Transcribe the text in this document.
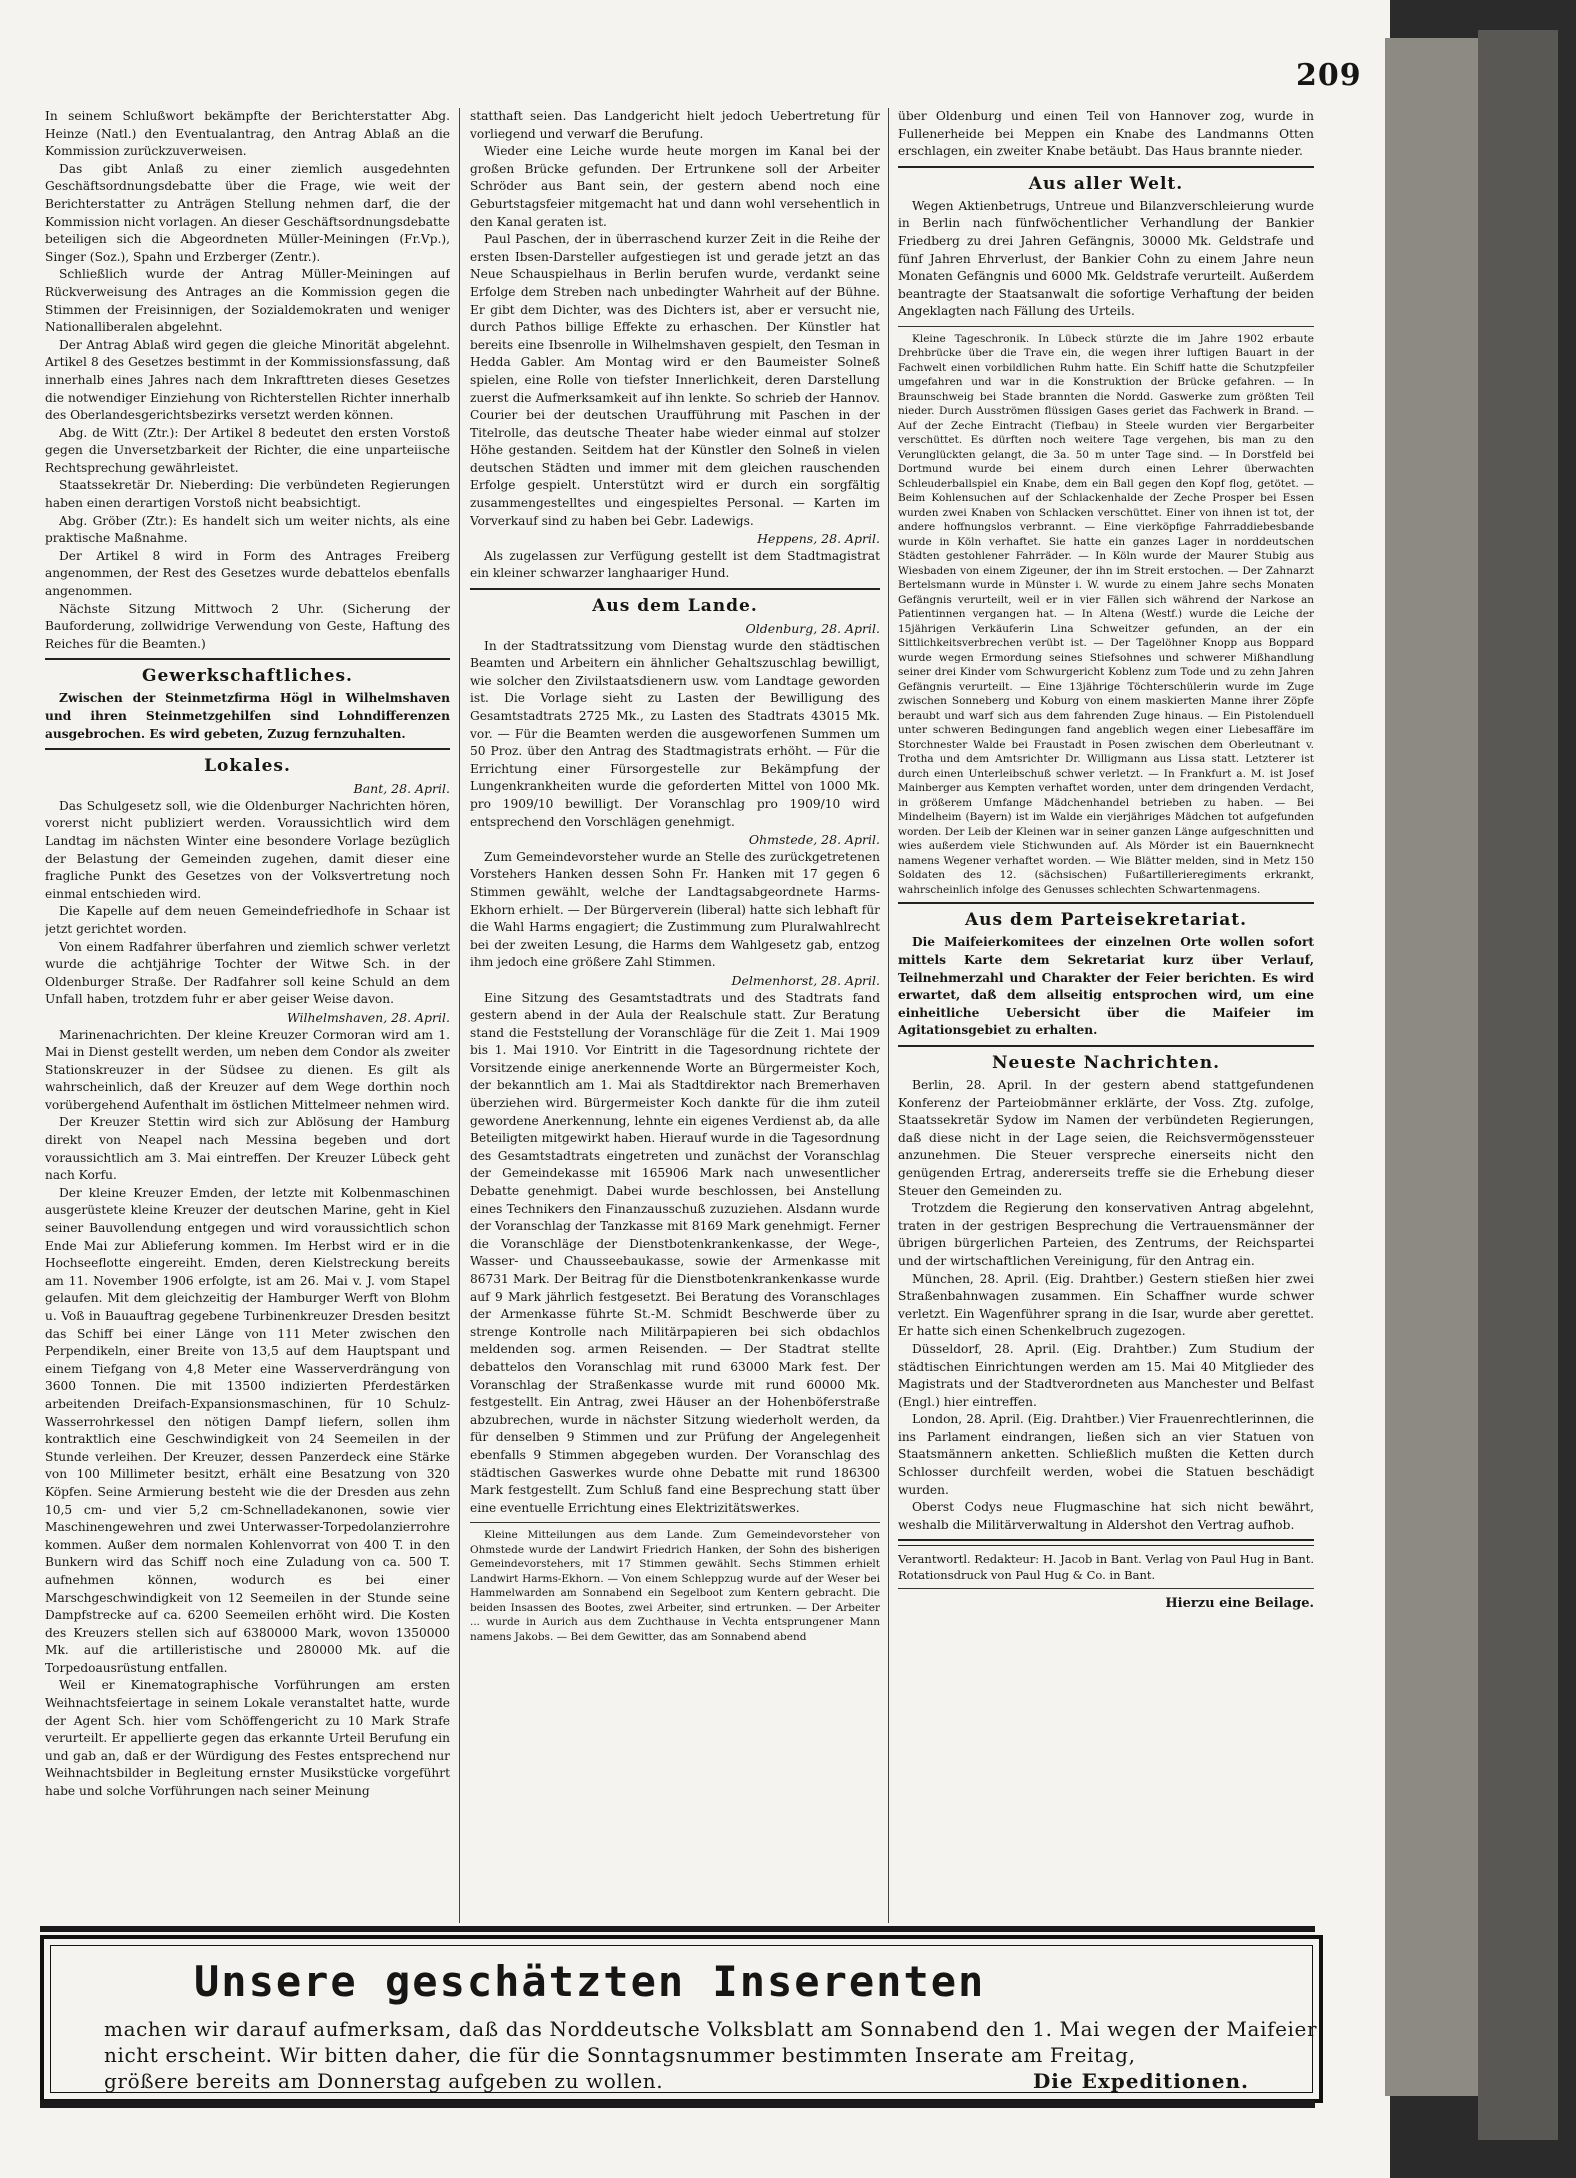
209

In seinem Schlußwort bekämpfte der Berichterstatter Abg. Heinze (Natl.) den Eventualantrag, den Antrag Ablaß an die Kommission zurückzuverweisen.

Das gibt Anlaß zu einer ziemlich ausgedehnten Geschäftsordnungsdebatte über die Frage, wie weit der Berichterstatter zu Anträgen Stellung nehmen darf, die der Kommission nicht vorlagen. An dieser Geschäftsordnungsdebatte beteiligen sich die Abgeordneten Müller-Meiningen (Fr.Vp.), Singer (Soz.), Spahn und Erzberger (Zentr.).

Schließlich wurde der Antrag Müller-Meiningen auf Rückverweisung des Antrages an die Kommission gegen die Stimmen der Freisinnigen, der Sozialdemokraten und weniger Nationalliberalen abgelehnt.

Der Antrag Ablaß wird gegen die gleiche Minorität abgelehnt. Artikel 8 des Gesetzes bestimmt in der Kommissionsfassung, daß innerhalb eines Jahres nach dem Inkrafttreten dieses Gesetzes die notwendiger Einziehung von Richterstellen Richter innerhalb des Oberlandesgerichtsbezirks versetzt werden können.

Abg. de Witt (Ztr.): Der Artikel 8 bedeutet den ersten Vorstoß gegen die Unversetzbarkeit der Richter, die eine unparteiische Rechtsprechung gewährleistet.

Staatssekretär Dr. Nieberding: Die verbündeten Regierungen haben einen derartigen Vorstoß nicht beabsichtigt.

Abg. Gröber (Ztr.): Es handelt sich um weiter nichts, als eine praktische Maßnahme.

Der Artikel 8 wird in Form des Antrages Freiberg angenommen, der Rest des Gesetzes wurde debattelos ebenfalls angenommen.

Nächste Sitzung Mittwoch 2 Uhr. (Sicherung der Bauforderung, zollwidrige Verwendung von Geste, Haftung des Reiches für die Beamten.)

Gewerkschaftliches.

Zwischen der Steinmetzfirma Högl in Wilhelmshaven und ihren Steinmetzgehilfen sind Lohndifferenzen ausgebrochen. Es wird gebeten, Zuzug fernzuhalten.

Lokales.
Bant, 28. April.

Das Schulgesetz soll, wie die Oldenburger Nachrichten hören, vorerst nicht publiziert werden. Voraussichtlich wird dem Landtag im nächsten Winter eine besondere Vorlage bezüglich der Belastung der Gemeinden zugehen, damit dieser eine fragliche Punkt des Gesetzes von der Volksvertretung noch einmal entschieden wird.

Die Kapelle auf dem neuen Gemeindefriedhofe in Schaar ist jetzt gerichtet worden.

Von einem Radfahrer überfahren und ziemlich schwer verletzt wurde die achtjährige Tochter der Witwe Sch. in der Oldenburger Straße. Der Radfahrer soll keine Schuld an dem Unfall haben, trotzdem fuhr er aber geiser Weise davon.

Wilhelmshaven, 28. April.

Marinenachrichten. Der kleine Kreuzer Cormoran wird am 1. Mai in Dienst gestellt werden, um neben dem Condor als zweiter Stationskreuzer in der Südsee zu dienen. Es gilt als wahrscheinlich, daß der Kreuzer auf dem Wege dorthin noch vorübergehend Aufenthalt im östlichen Mittelmeer nehmen wird.

Der Kreuzer Stettin wird sich zur Ablösung der Hamburg direkt von Neapel nach Messina begeben und dort voraussichtlich am 3. Mai eintreffen. Der Kreuzer Lübeck geht nach Korfu.

Der kleine Kreuzer Emden, der letzte mit Kolbenmaschinen ausgerüstete kleine Kreuzer der deutschen Marine, geht in Kiel seiner Bauvollendung entgegen und wird voraussichtlich schon Ende Mai zur Ablieferung kommen. Im Herbst wird er in die Hochseeflotte eingereiht. Emden, deren Kielstreckung bereits am 11. November 1906 erfolgte, ist am 26. Mai v. J. vom Stapel gelaufen. Mit dem gleichzeitig der Hamburger Werft von Blohm u. Voß in Bauauftrag gegebene Turbinenkreuzer Dresden besitzt das Schiff bei einer Länge von 111 Meter zwischen den Perpendikeln, einer Breite von 13,5 auf dem Hauptspant und einem Tiefgang von 4,8 Meter eine Wasserverdrängung von 3600 Tonnen. Die mit 13500 indizierten Pferdestärken arbeitenden Dreifach-Expansionsmaschinen, für 10 Schulz-Wasserrohrkessel den nötigen Dampf liefern, sollen ihm kontraktlich eine Geschwindigkeit von 24 Seemeilen in der Stunde verleihen. Der Kreuzer, dessen Panzerdeck eine Stärke von 100 Millimeter besitzt, erhält eine Besatzung von 320 Köpfen. Seine Armierung besteht wie die der Dresden aus zehn 10,5 cm- und vier 5,2 cm-Schnelladekanonen, sowie vier Maschinengewehren und zwei Unterwasser-Torpedolanzierrohre kommen. Außer dem normalen Kohlenvorrat von 400 T. in den Bunkern wird das Schiff noch eine Zuladung von ca. 500 T. aufnehmen können, wodurch es bei einer Marschgeschwindigkeit von 12 Seemeilen in der Stunde seine Dampfstrecke auf ca. 6200 Seemeilen erhöht wird. Die Kosten des Kreuzers stellen sich auf 6380000 Mark, wovon 1350000 Mk. auf die artilleristische und 280000 Mk. auf die Torpedoausrüstung entfallen.

Weil er Kinematographische Vorführungen am ersten Weihnachtsfeiertage in seinem Lokale veranstaltet hatte, wurde der Agent Sch. hier vom Schöffengericht zu 10 Mark Strafe verurteilt. Er appellierte gegen das erkannte Urteil Berufung ein und gab an, daß er der Würdigung des Festes entsprechend nur Weihnachtsbilder in Begleitung ernster Musikstücke vorgeführt habe und solche Vorführungen nach seiner Meinung

statthaft seien. Das Landgericht hielt jedoch Uebertretung für vorliegend und verwarf die Berufung.

Wieder eine Leiche wurde heute morgen im Kanal bei der großen Brücke gefunden. Der Ertrunkene soll der Arbeiter Schröder aus Bant sein, der gestern abend noch eine Geburtstagsfeier mitgemacht hat und dann wohl versehentlich in den Kanal geraten ist.

Paul Paschen, der in überraschend kurzer Zeit in die Reihe der ersten Ibsen-Darsteller aufgestiegen ist und gerade jetzt an das Neue Schauspielhaus in Berlin berufen wurde, verdankt seine Erfolge dem Streben nach unbedingter Wahrheit auf der Bühne. Er gibt dem Dichter, was des Dichters ist, aber er versucht nie, durch Pathos billige Effekte zu erhaschen. Der Künstler hat bereits eine Ibsenrolle in Wilhelmshaven gespielt, den Tesman in Hedda Gabler. Am Montag wird er den Baumeister Solneß spielen, eine Rolle von tiefster Innerlichkeit, deren Darstellung zuerst die Aufmerksamkeit auf ihn lenkte. So schrieb der Hannov. Courier bei der deutschen Uraufführung mit Paschen in der Titelrolle, das deutsche Theater habe wieder einmal auf stolzer Höhe gestanden. Seitdem hat der Künstler den Solneß in vielen deutschen Städten und immer mit dem gleichen rauschenden Erfolge gespielt. Unterstützt wird er durch ein sorgfältig zusammengestelltes und eingespieltes Personal. — Karten im Vorverkauf sind zu haben bei Gebr. Ladewigs.

Heppens, 28. April.

Als zugelassen zur Verfügung gestellt ist dem Stadtmagistrat ein kleiner schwarzer langhaariger Hund.

Aus dem Lande.
Oldenburg, 28. April.

In der Stadtratssitzung vom Dienstag wurde den städtischen Beamten und Arbeitern ein ähnlicher Gehaltszuschlag bewilligt, wie solcher den Zivilstaatsdienern usw. vom Landtage geworden ist. Die Vorlage sieht zu Lasten der Bewilligung des Gesamtstadtrats 2725 Mk., zu Lasten des Stadtrats 43015 Mk. vor. — Für die Beamten werden die ausgeworfenen Summen um 50 Proz. über den Antrag des Stadtmagistrats erhöht. — Für die Errichtung einer Fürsorgestelle zur Bekämpfung der Lungenkrankheiten wurde die geforderten Mittel von 1000 Mk. pro 1909/10 bewilligt. Der Voranschlag pro 1909/10 wird entsprechend den Vorschlägen genehmigt.

Ohmstede, 28. April.

Zum Gemeindevorsteher wurde an Stelle des zurückgetretenen Vorstehers Hanken dessen Sohn Fr. Hanken mit 17 gegen 6 Stimmen gewählt, welche der Landtagsabgeordnete Harms-Ekhorn erhielt. — Der Bürgerverein (liberal) hatte sich lebhaft für die Wahl Harms engagiert; die Zustimmung zum Pluralwahlrecht bei der zweiten Lesung, die Harms dem Wahlgesetz gab, entzog ihm jedoch eine größere Zahl Stimmen.

Delmenhorst, 28. April.

Eine Sitzung des Gesamtstadtrats und des Stadtrats fand gestern abend in der Aula der Realschule statt. Zur Beratung stand die Feststellung der Voranschläge für die Zeit 1. Mai 1909 bis 1. Mai 1910. Vor Eintritt in die Tagesordnung richtete der Vorsitzende einige anerkennende Worte an Bürgermeister Koch, der bekanntlich am 1. Mai als Stadtdirektor nach Bremerhaven überziehen wird. Bürgermeister Koch dankte für die ihm zuteil gewordene Anerkennung, lehnte ein eigenes Verdienst ab, da alle Beteiligten mitgewirkt haben. Hierauf wurde in die Tagesordnung des Gesamtstadtrats eingetreten und zunächst der Voranschlag der Gemeindekasse mit 165906 Mark nach unwesentlicher Debatte genehmigt. Dabei wurde beschlossen, bei Anstellung eines Technikers den Finanzausschuß zuzuziehen. Alsdann wurde der Voranschlag der Tanzkasse mit 8169 Mark genehmigt. Ferner die Voranschläge der Dienstbotenkrankenkasse, der Wege-, Wasser- und Chausseebaukasse, sowie der Armenkasse mit 86731 Mark. Der Beitrag für die Dienstbotenkrankenkasse wurde auf 9 Mark jährlich festgesetzt. Bei Beratung des Voranschlages der Armenkasse führte St.-M. Schmidt Beschwerde über zu strenge Kontrolle nach Militärpapieren bei sich obdachlos meldenden sog. armen Reisenden. — Der Stadtrat stellte debattelos den Voranschlag mit rund 63000 Mark fest. Der Voranschlag der Straßenkasse wurde mit rund 60000 Mk. festgestellt. Ein Antrag, zwei Häuser an der Hohenböferstraße abzubrechen, wurde in nächster Sitzung wiederholt werden, da für denselben 9 Stimmen und zur Prüfung der Angelegenheit ebenfalls 9 Stimmen abgegeben wurden. Der Voranschlag des städtischen Gaswerkes wurde ohne Debatte mit rund 186300 Mark festgestellt. Zum Schluß fand eine Besprechung statt über eine eventuelle Errichtung eines Elektrizitätswerkes.

Kleine Mitteilungen aus dem Lande. Zum Gemeindevorsteher von Ohmstede wurde der Landwirt Friedrich Hanken, der Sohn des bisherigen Gemeindevorstehers, mit 17 Stimmen gewählt. Sechs Stimmen erhielt Landwirt Harms-Ekhorn. — Von einem Schleppzug wurde auf der Weser bei Hammelwarden am Sonnabend ein Segelboot zum Kentern gebracht. Die beiden Insassen des Bootes, zwei Arbeiter, sind ertrunken. — Der Arbeiter ... wurde in Aurich aus dem Zuchthause in Vechta entsprungener Mann namens Jakobs. — Bei dem Gewitter, das am Sonnabend abend

über Oldenburg und einen Teil von Hannover zog, wurde in Fullenerheide bei Meppen ein Knabe des Landmanns Otten erschlagen, ein zweiter Knabe betäubt. Das Haus brannte nieder.

Aus aller Welt.

Wegen Aktienbetrugs, Untreue und Bilanzverschleierung wurde in Berlin nach fünfwöchentlicher Verhandlung der Bankier Friedberg zu drei Jahren Gefängnis, 30000 Mk. Geldstrafe und fünf Jahren Ehrverlust, der Bankier Cohn zu einem Jahre neun Monaten Gefängnis und 6000 Mk. Geldstrafe verurteilt. Außerdem beantragte der Staatsanwalt die sofortige Verhaftung der beiden Angeklagten nach Fällung des Urteils.

Kleine Tageschronik. In Lübeck stürzte die im Jahre 1902 erbaute Drehbrücke über die Trave ein, die wegen ihrer luftigen Bauart in der Fachwelt einen vorbildlichen Ruhm hatte. Ein Schiff hatte die Schutzpfeiler umgefahren und war in die Konstruktion der Brücke gefahren. — In Braunschweig bei Stade brannten die Nordd. Gaswerke zum größten Teil nieder. Durch Ausströmen flüssigen Gases geriet das Fachwerk in Brand. — Auf der Zeche Eintracht (Tiefbau) in Steele wurden vier Bergarbeiter verschüttet. Es dürften noch weitere Tage vergehen, bis man zu den Verunglückten gelangt, die 3a. 50 m unter Tage sind. — In Dorstfeld bei Dortmund wurde bei einem durch einen Lehrer überwachten Schleuderballspiel ein Knabe, dem ein Ball gegen den Kopf flog, getötet. — Beim Kohlensuchen auf der Schlackenhalde der Zeche Prosper bei Essen wurden zwei Knaben von Schlacken verschüttet. Einer von ihnen ist tot, der andere hoffnungslos verbrannt. — Eine vierköpfige Fahrraddiebesbande wurde in Köln verhaftet. Sie hatte ein ganzes Lager in norddeutschen Städten gestohlener Fahrräder. — In Köln wurde der Maurer Stubig aus Wiesbaden von einem Zigeuner, der ihn im Streit erstochen. — Der Zahnarzt Bertelsmann wurde in Münster i. W. wurde zu einem Jahre sechs Monaten Gefängnis verurteilt, weil er in vier Fällen sich während der Narkose an Patientinnen vergangen hat. — In Altena (Westf.) wurde die Leiche der 15jährigen Verkäuferin Lina Schweitzer gefunden, an der ein Sittlichkeitsverbrechen verübt ist. — Der Tagelöhner Knopp aus Boppard wurde wegen Ermordung seines Stiefsohnes und schwerer Mißhandlung seiner drei Kinder vom Schwurgericht Koblenz zum Tode und zu zehn Jahren Gefängnis verurteilt. — Eine 13jährige Töchterschülerin wurde im Zuge zwischen Sonneberg und Koburg von einem maskierten Manne ihrer Zöpfe beraubt und warf sich aus dem fahrenden Zuge hinaus. — Ein Pistolenduell unter schweren Bedingungen fand angeblich wegen einer Liebesaffäre im Storchnester Walde bei Fraustadt in Posen zwischen dem Oberleutnant v. Trotha und dem Amtsrichter Dr. Willigmann aus Lissa statt. Letzterer ist durch einen Unterleibschuß schwer verletzt. — In Frankfurt a. M. ist Josef Mainberger aus Kempten verhaftet worden, unter dem dringenden Verdacht, in größerem Umfange Mädchenhandel betrieben zu haben. — Bei Mindelheim (Bayern) ist im Walde ein vierjähriges Mädchen tot aufgefunden worden. Der Leib der Kleinen war in seiner ganzen Länge aufgeschnitten und wies außerdem viele Stichwunden auf. Als Mörder ist ein Bauernknecht namens Wegener verhaftet worden. — Wie Blätter melden, sind in Metz 150 Soldaten des 12. (sächsischen) Fußartillerieregiments erkrankt, wahrscheinlich infolge des Genusses schlechten Schwartenmagens.

Aus dem Parteisekretariat.

Die Maifeierkomitees der einzelnen Orte wollen sofort mittels Karte dem Sekretariat kurz über Verlauf, Teilnehmerzahl und Charakter der Feier berichten. Es wird erwartet, daß dem allseitig entsprochen wird, um eine einheitliche Uebersicht über die Maifeier im Agitationsgebiet zu erhalten.

Neueste Nachrichten.

Berlin, 28. April. In der gestern abend stattgefundenen Konferenz der Parteiobmänner erklärte, der Voss. Ztg. zufolge, Staatssekretär Sydow im Namen der verbündeten Regierungen, daß diese nicht in der Lage seien, die Reichsvermögenssteuer anzunehmen. Die Steuer verspreche einerseits nicht den genügenden Ertrag, andererseits treffe sie die Erhebung dieser Steuer den Gemeinden zu.

Trotzdem die Regierung den konservativen Antrag abgelehnt, traten in der gestrigen Besprechung die Vertrauensmänner der übrigen bürgerlichen Parteien, des Zentrums, der Reichspartei und der wirtschaftlichen Vereinigung, für den Antrag ein.

München, 28. April. (Eig. Drahtber.) Gestern stießen hier zwei Straßenbahnwagen zusammen. Ein Schaffner wurde schwer verletzt. Ein Wagenführer sprang in die Isar, wurde aber gerettet. Er hatte sich einen Schenkelbruch zugezogen.

Düsseldorf, 28. April. (Eig. Drahtber.) Zum Studium der städtischen Einrichtungen werden am 15. Mai 40 Mitglieder des Magistrats und der Stadtverordneten aus Manchester und Belfast (Engl.) hier eintreffen.

London, 28. April. (Eig. Drahtber.) Vier Frauenrechtlerinnen, die ins Parlament eindrangen, ließen sich an vier Statuen von Staatsmännern anketten. Schließlich mußten die Ketten durch Schlosser durchfeilt werden, wobei die Statuen beschädigt wurden.

Oberst Codys neue Flugmaschine hat sich nicht bewährt, weshalb die Militärverwaltung in Aldershot den Vertrag aufhob.

Verantwortl. Redakteur: H. Jacob in Bant. Verlag von Paul Hug in Bant. Rotationsdruck von Paul Hug & Co. in Bant.

Hierzu eine Beilage.
Unsere geschätzten Inserenten
machen wir darauf aufmerksam, daß das Norddeutsche Volksblatt am Sonnabend den 1. Mai wegen der Maifeier
nicht erscheint. Wir bitten daher, die für die Sonntagsnummer bestimmten Inserate am Freitag,
größere bereits am Donnerstag aufgeben zu wollen.	Die Expeditionen.
